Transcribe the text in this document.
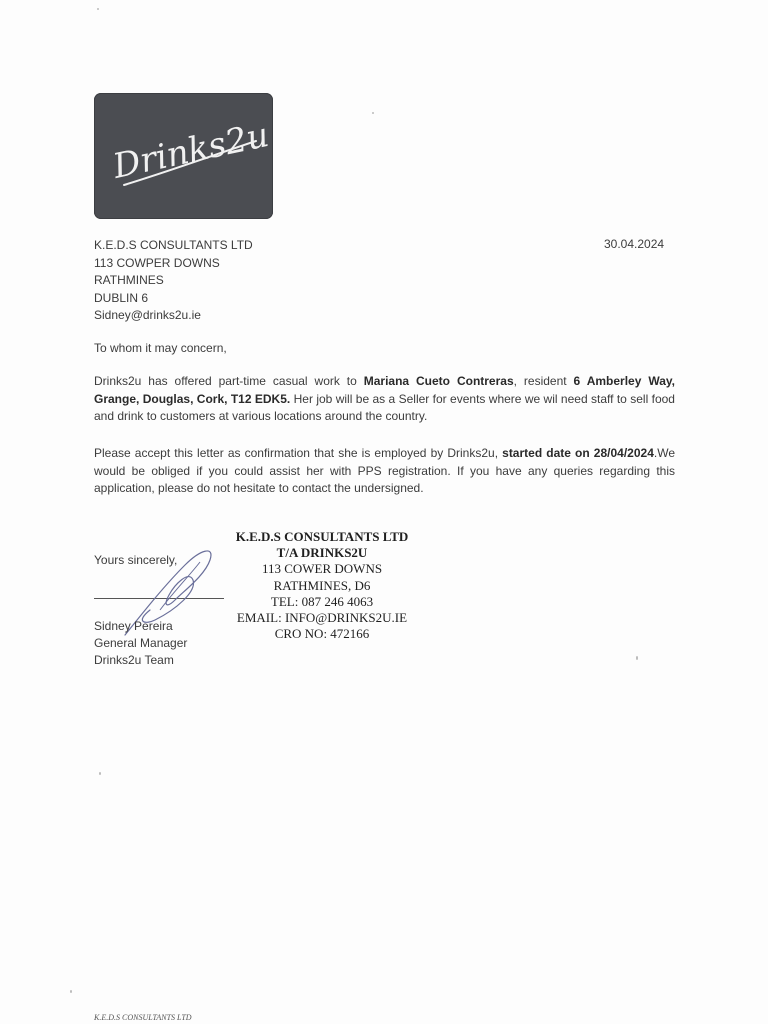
Drinks2u
K.E.D.S CONSULTANTS LTD
113 COWPER DOWNS
RATHMINES
DUBLIN 6
Sidney@drinks2u.ie
30.04.2024
To whom it may concern,
Drinks2u has offered part-time casual work to Mariana Cueto Contreras, resident 6 Amberley Way, Grange, Douglas, Cork, T12 EDK5. Her job will be as a Seller for events where we wil need staff to sell food and drink to customers at various locations around the country.
Please accept this letter as confirmation that she is employed by Drinks2u, started date on 28/04/2024.We would be obliged if you could assist her with PPS registration. If you have any queries regarding this application, please do not hesitate to contact the undersigned.
Yours sincerely,
Sidney Pereira
General Manager
Drinks2u Team
K.E.D.S CONSULTANTS LTD
T/A DRINKS2U
113 COWER DOWNS
RATHMINES, D6
TEL: 087 246 4063
EMAIL: INFO@DRINKS2U.IE
CRO NO: 472166
K.E.D.S CONSULTANTS LTD
